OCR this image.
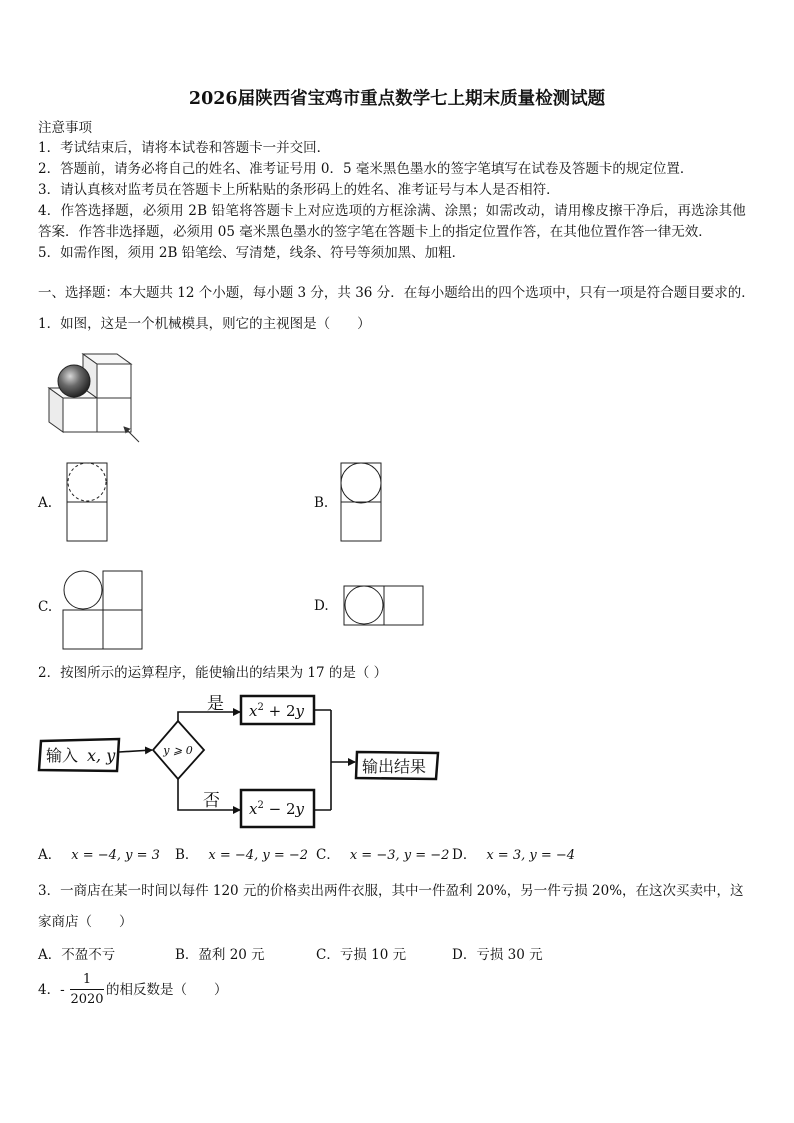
2026届陕西省宝鸡市重点数学七上期末质量检测试题
注意事项
1．考试结束后，请将本试卷和答题卡一并交回．
2．答题前，请务必将自己的姓名、准考证号用 0．5 毫米黑色墨水的签字笔填写在试卷及答题卡的规定位置．
3．请认真核对监考员在答题卡上所粘贴的条形码上的姓名、准考证号与本人是否相符．
4．作答选择题，必须用 2B 铅笔将答题卡上对应选项的方框涂满、涂黑；如需改动，请用橡皮擦干净后，再选涂其他
答案．作答非选择题，必须用 05 毫米黑色墨水的签字笔在答题卡上的指定位置作答，在其他位置作答一律无效．
5．如需作图，须用 2B 铅笔绘、写清楚，线条、符号等须加黑、加粗．
一、选择题：本大题共 12 个小题，每小题 3 分，共 36 分．在每小题给出的四个选项中，只有一项是符合题目要求的．
1．如图，这是一个机械模具，则它的主视图是（　　）
A.	B.
C.	D.
2．按图所示的运算程序，能使输出的结果为 17 的是（ ）
A． x = −4, y = 3 B． x = −4, y = −2 C． x = −3, y = −2 D． x = 3, y = −4
3．一商店在某一时间以每件 120 元的价格卖出两件衣服，其中一件盈利 20%，另一件亏损 20%，在这次买卖中，这
家商店（　　）
A．不盈不亏	B．盈利 20 元	C．亏损 10 元	D．亏损 30 元
4．- $\frac{1}{2020}$ 的相反数是（　　）
输入 x, y	y ⩾ 0
是
否
$x^2 + 2y$
$x^2 - 2y$
输出结果
